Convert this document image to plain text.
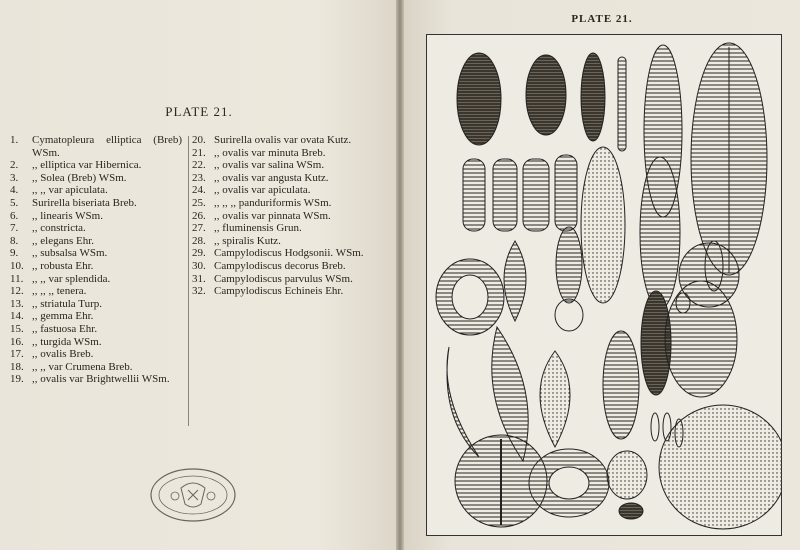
PLATE 21.
1.	Cymatopleura elliptica (Breb) WSm.
2.	,, elliptica var Hibernica.
3.	,, Solea (Breb) WSm.
4.	,, ,, var apiculata.
5.	Surirella biseriata Breb.
6.	,, linearis WSm.
7.	,, constricta.
8.	,, elegans Ehr.
9.	,, subsalsa WSm.
10. ,, robusta Ehr.
11. ,, ,, var splendida.
12. ,, ,, ,, tenera.
13. ,, striatula Turp.
14. ,, gemma Ehr.
15. ,, fastuosa Ehr.
16. ,, turgida WSm.
17. ,, ovalis Breb.
18. ,, ,, var Crumena Breb.
19. ,, ovalis var Brightwellii WSm.
20. Surirella ovalis var ovata Kutz.
21. ,, ovalis var minuta Breb.
22. ,, ovalis var salina WSm.
23. ,, ovalis var angusta Kutz.
24. ,, ovalis var apiculata.
25. ,, ,, ,, panduriformis WSm.
26. ,, ovalis var pinnata WSm.
27. ,, fluminensis Grun.
28. ,, spiralis Kutz.
29. Campylodiscus Hodgsonii. WSm.
30. Campylodiscus decorus Breb.
31. Campylodiscus parvulus WSm.
32. Campylodiscus Echineis Ehr.
PLATE 21.
